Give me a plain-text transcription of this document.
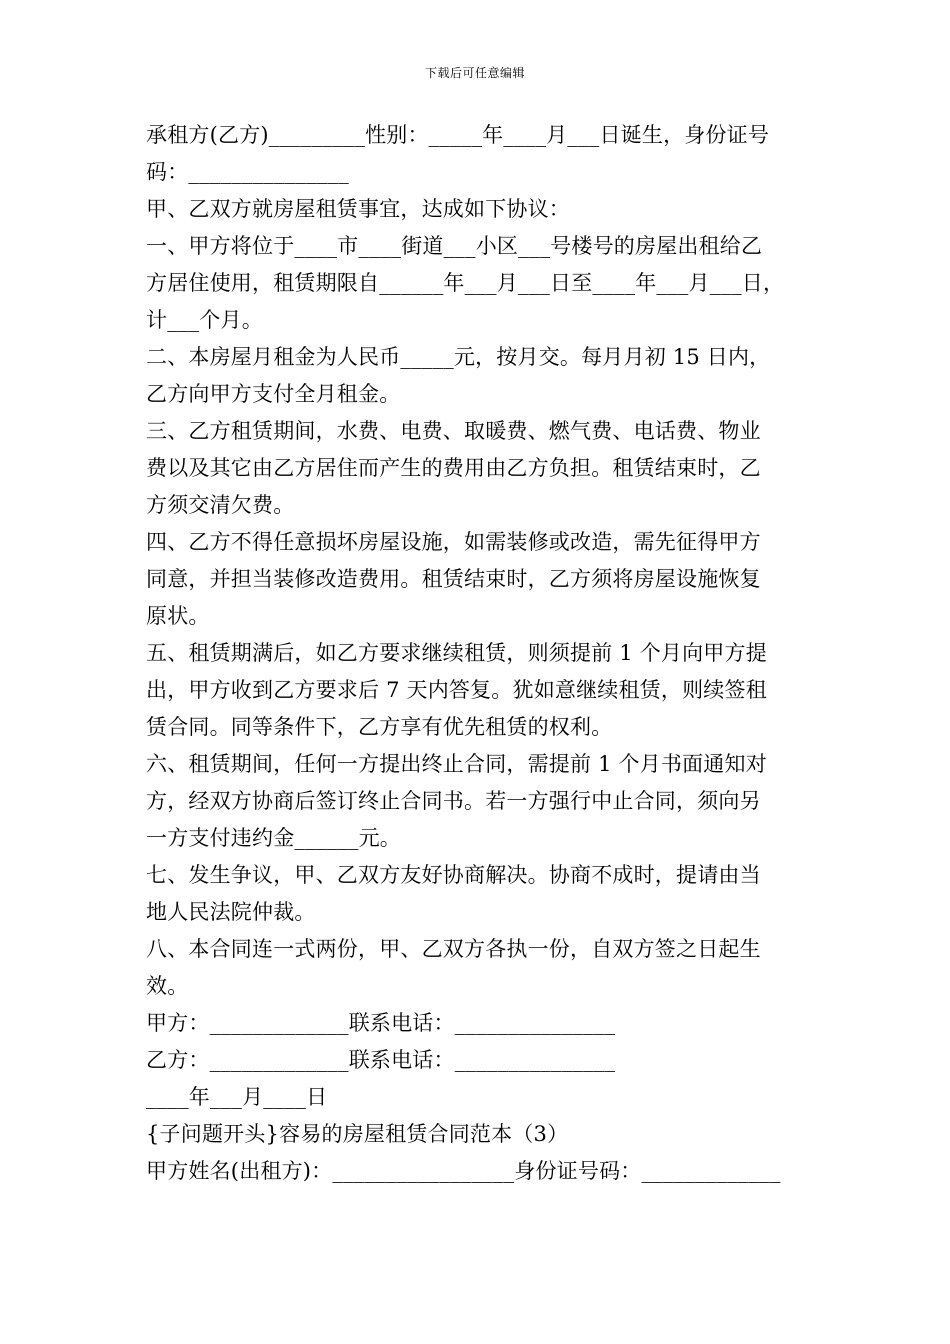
下载后可任意编辑
承租方(乙方)_________性别：_____年____月___日诞生，身份证号
码：_______________
甲、乙双方就房屋租赁事宜，达成如下协议：
一、甲方将位于____市____街道___小区___号楼号的房屋出租给乙
方居住使用，租赁期限自______年___月___日至____年___月___日，
计___个月。
二、本房屋月租金为人民币_____元，按月交。每月月初 15 日内，
乙方向甲方支付全月租金。
三、乙方租赁期间，水费、电费、取暖费、燃气费、电话费、物业
费以及其它由乙方居住而产生的费用由乙方负担。租赁结束时，乙
方须交清欠费。
四、乙方不得任意损坏房屋设施，如需装修或改造，需先征得甲方
同意，并担当装修改造费用。租赁结束时，乙方须将房屋设施恢复
原状。
五、租赁期满后，如乙方要求继续租赁，则须提前 1 个月向甲方提
出，甲方收到乙方要求后 7 天内答复。犹如意继续租赁，则续签租
赁合同。同等条件下，乙方享有优先租赁的权利。
六、租赁期间，任何一方提出终止合同，需提前 1 个月书面通知对
方，经双方协商后签订终止合同书。若一方强行中止合同，须向另
一方支付违约金______元。
七、发生争议，甲、乙双方友好协商解决。协商不成时，提请由当
地人民法院仲裁。
八、本合同连一式两份，甲、乙双方各执一份，自双方签之日起生
效。
甲方：_____________联系电话：_______________
乙方：_____________联系电话：_______________
____年___月____日
{子问题开头}容易的房屋租赁合同范本（3）
甲方姓名(出租方)：_________________身份证号码：_____________
